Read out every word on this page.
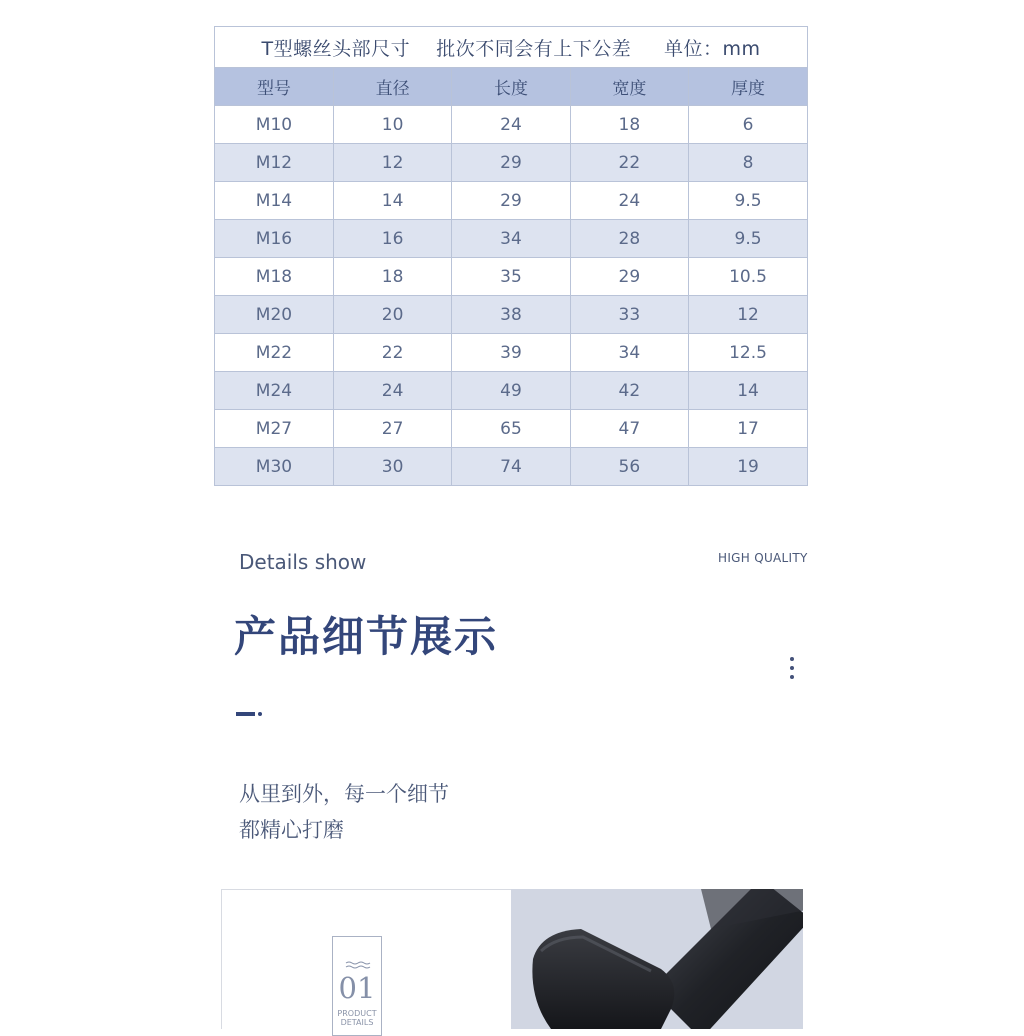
T型螺丝头部尺寸    批次不同会有上下公差     单位：mm
型号	直径	长度	宽度	厚度
M10	10	24	18	6
M12	12	29	22	8
M14	14	29	24	9.5
M16	16	34	28	9.5
M18	18	35	29	10.5
M20	20	38	33	12
M22	22	39	34	12.5
M24	24	49	42	14
M27	27	65	47	17
M30	30	74	56	19
Details show	HIGH QUALITY
产品细节展示
从里到外，每一个细节
都精心打磨
01
PRODUCT
DETAILS
